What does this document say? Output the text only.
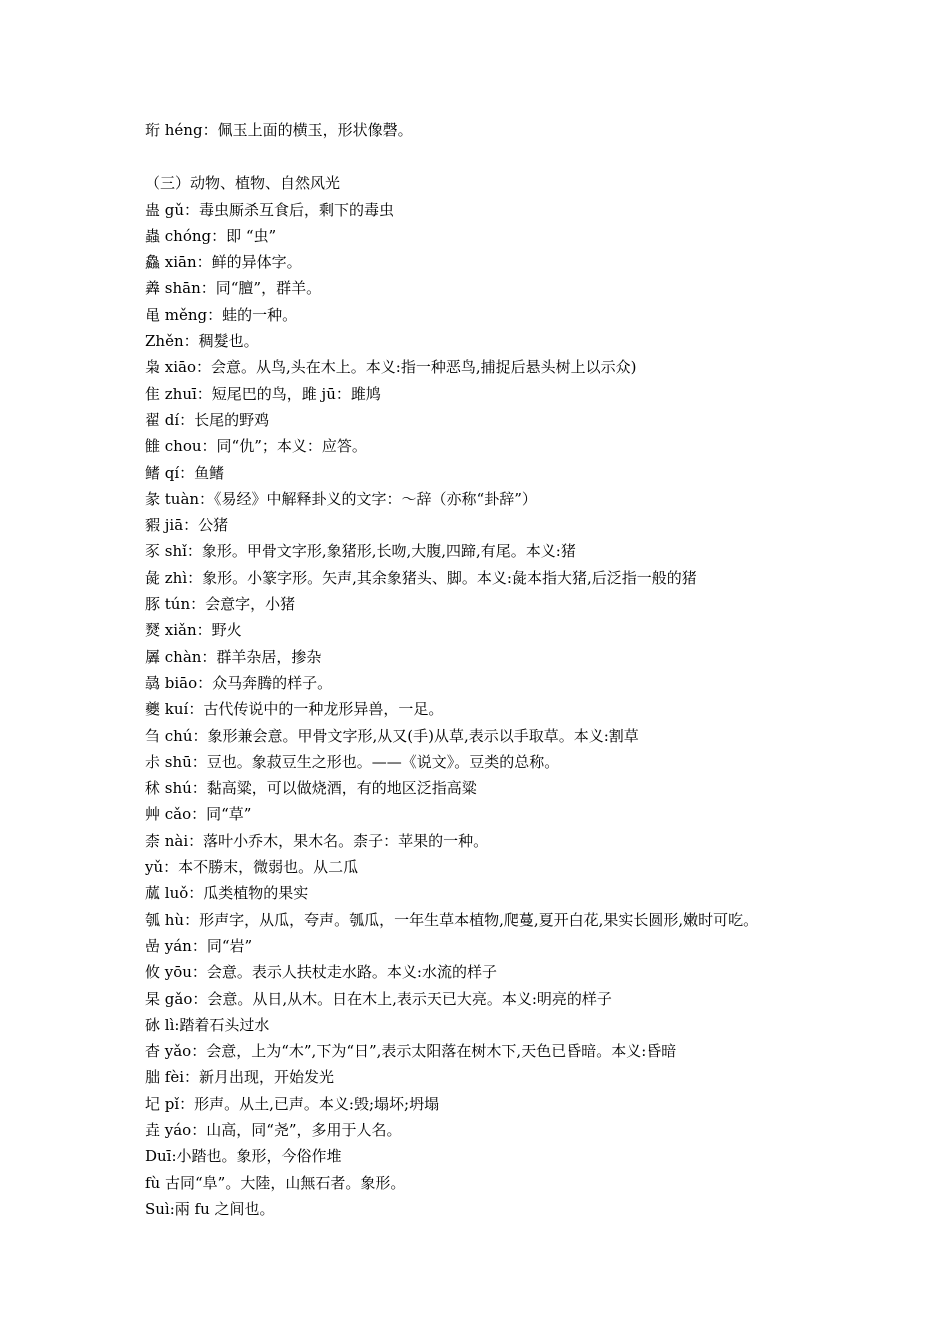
珩 héng：佩玉上面的横玉，形状像磬。
（三）动物、植物、自然风光
蛊 gǔ：毒虫厮杀互食后，剩下的毒虫
蟲 chóng：即 “虫”
鱻 xiān：鲜的异体字。
羴 shān：同“膻”，群羊。
黾 měng：蛙的一种。
Zhěn：稠髮也。
枭 xiāo：会意。从鸟,头在木上。本义:指一种恶鸟,捕捉后悬头树上以示众)
隹 zhuī：短尾巴的鸟，雎 jū：雎鸠
翟 dí：长尾的野鸡
雔 chou：同“仇”；本义：应答。
鳍 qí：鱼鳍
彖 tuàn：《易经》中解释卦义的文字：～辞（亦称“卦辞”）
豭 jiā：公猪
豕 shǐ：象形。甲骨文字形,象猪形,长吻,大腹,四蹄,有尾。本义:猪
彘 zhì：象形。小篆字形。矢声,其余象猪头、脚。本义:彘本指大猪,后泛指一般的猪
豚 tún：会意字，小猪
燹 xiǎn：野火
羼 chàn：群羊杂居，掺杂
骉 biāo：众马奔腾的样子。
夔 kuí：古代传说中的一种龙形异兽，一足。
刍 chú：象形兼会意。甲骨文字形,从又(手)从草,表示以手取草。本义:割草
尗 shū：豆也。象菽豆生之形也。——《说文》。豆类的总称。
秫 shú：黏高粱，可以做烧酒，有的地区泛指高粱
艸 cǎo：同“草”
柰 nài：落叶小乔木，果木名。柰子：苹果的一种。
yǔ：本不勝末，微弱也。从二瓜
蓏 luǒ：瓜类植物的果实
瓠 hù：形声字，从瓜，夸声。瓠瓜，一年生草本植物,爬蔓,夏开白花,果实长圆形,嫩时可吃。
嵒 yán：同“岩”
攸 yōu：会意。表示人扶杖走水路。本义:水流的样子
杲 gǎo：会意。从日,从木。日在木上,表示天已大亮。本义:明亮的样子
砅 lì:踏着石头过水
杳 yǎo：会意，上为“木”,下为“日”,表示太阳落在树木下,天色已昏暗。本义:昏暗
朏 fèi：新月出现，开始发光
圮 pǐ：形声。从土,已声。本义:毁;塌坏;坍塌
垚 yáo：山高，同“尧”，多用于人名。
Duī:小踏也。象形，今俗作堆
fù 古同“阜”。大陸，山無石者。象形。
Suì:兩 fu 之间也。
